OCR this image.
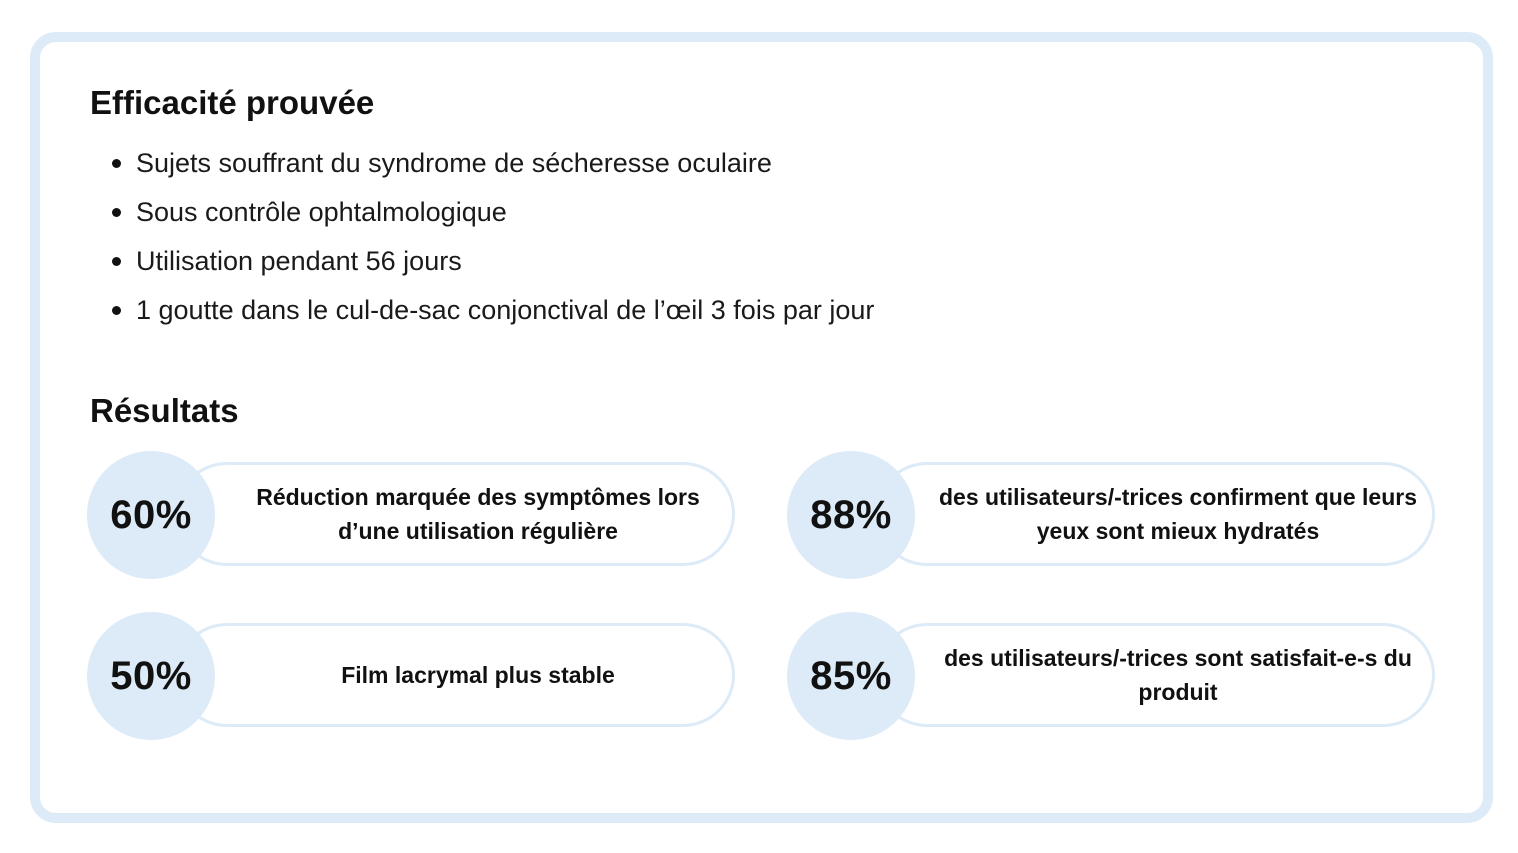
Efficacité prouvée
Sujets souffrant du syndrome de sécheresse oculaire
Sous contrôle ophtalmologique
Utilisation pendant 56 jours
1 goutte dans le cul-de-sac conjonctival de l’œil 3 fois par jour
Résultats
Réduction marquée des symptômes lors d’une utilisation régulière
60%	des utilisateurs/-trices confirment que leurs yeux sont mieux hydratés
88%
Film lacrymal plus stable
50%	des utilisateurs/-trices sont satisfait-e-s du produit
85%
